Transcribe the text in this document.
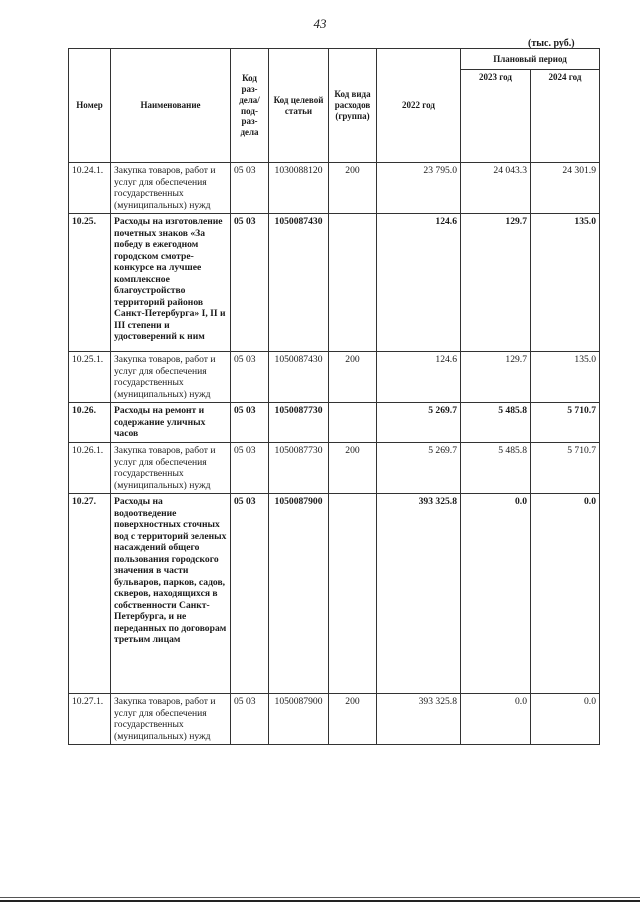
43
(тыс. руб.)
Номер	Наименование	Код раз-дела/ под-раз-дела	Код целевой статьи	Код вида расходов (группа)	2022 год	Плановый период	
						2023 год	2024 год
10.24.1.	Закупка товаров, работ и услуг для обеспечения государственных (муниципальных) нужд	05 03	1030088120	200	23 795.0	24 043.3	24 301.9
10.25.	Расходы на изготовление почетных знаков «За победу в ежегодном городском смотре-конкурсе на лучшее комплексное благоустройство территорий районов Санкт-Петербурга» I, II и III степени и удостоверений к ним	05 03	1050087430		124.6	129.7	135.0
10.25.1.	Закупка товаров, работ и услуг для обеспечения государственных (муниципальных) нужд	05 03	1050087430	200	124.6	129.7	135.0
10.26.	Расходы на ремонт и содержание уличных часов	05 03	1050087730		5 269.7	5 485.8	5 710.7
10.26.1.	Закупка товаров, работ и услуг для обеспечения государственных (муниципальных) нужд	05 03	1050087730	200	5 269.7	5 485.8	5 710.7
10.27.	Расходы на водоотведение поверхностных сточных вод с территорий зеленых насаждений общего пользования городского значения в части бульваров, парков, садов, скверов, находящихся в собственности Санкт-Петербурга, и не переданных по договорам третьим лицам	05 03	1050087900		393 325.8	0.0	0.0
10.27.1.	Закупка товаров, работ и услуг для обеспечения государственных (муниципальных) нужд	05 03	1050087900	200	393 325.8	0.0	0.0
